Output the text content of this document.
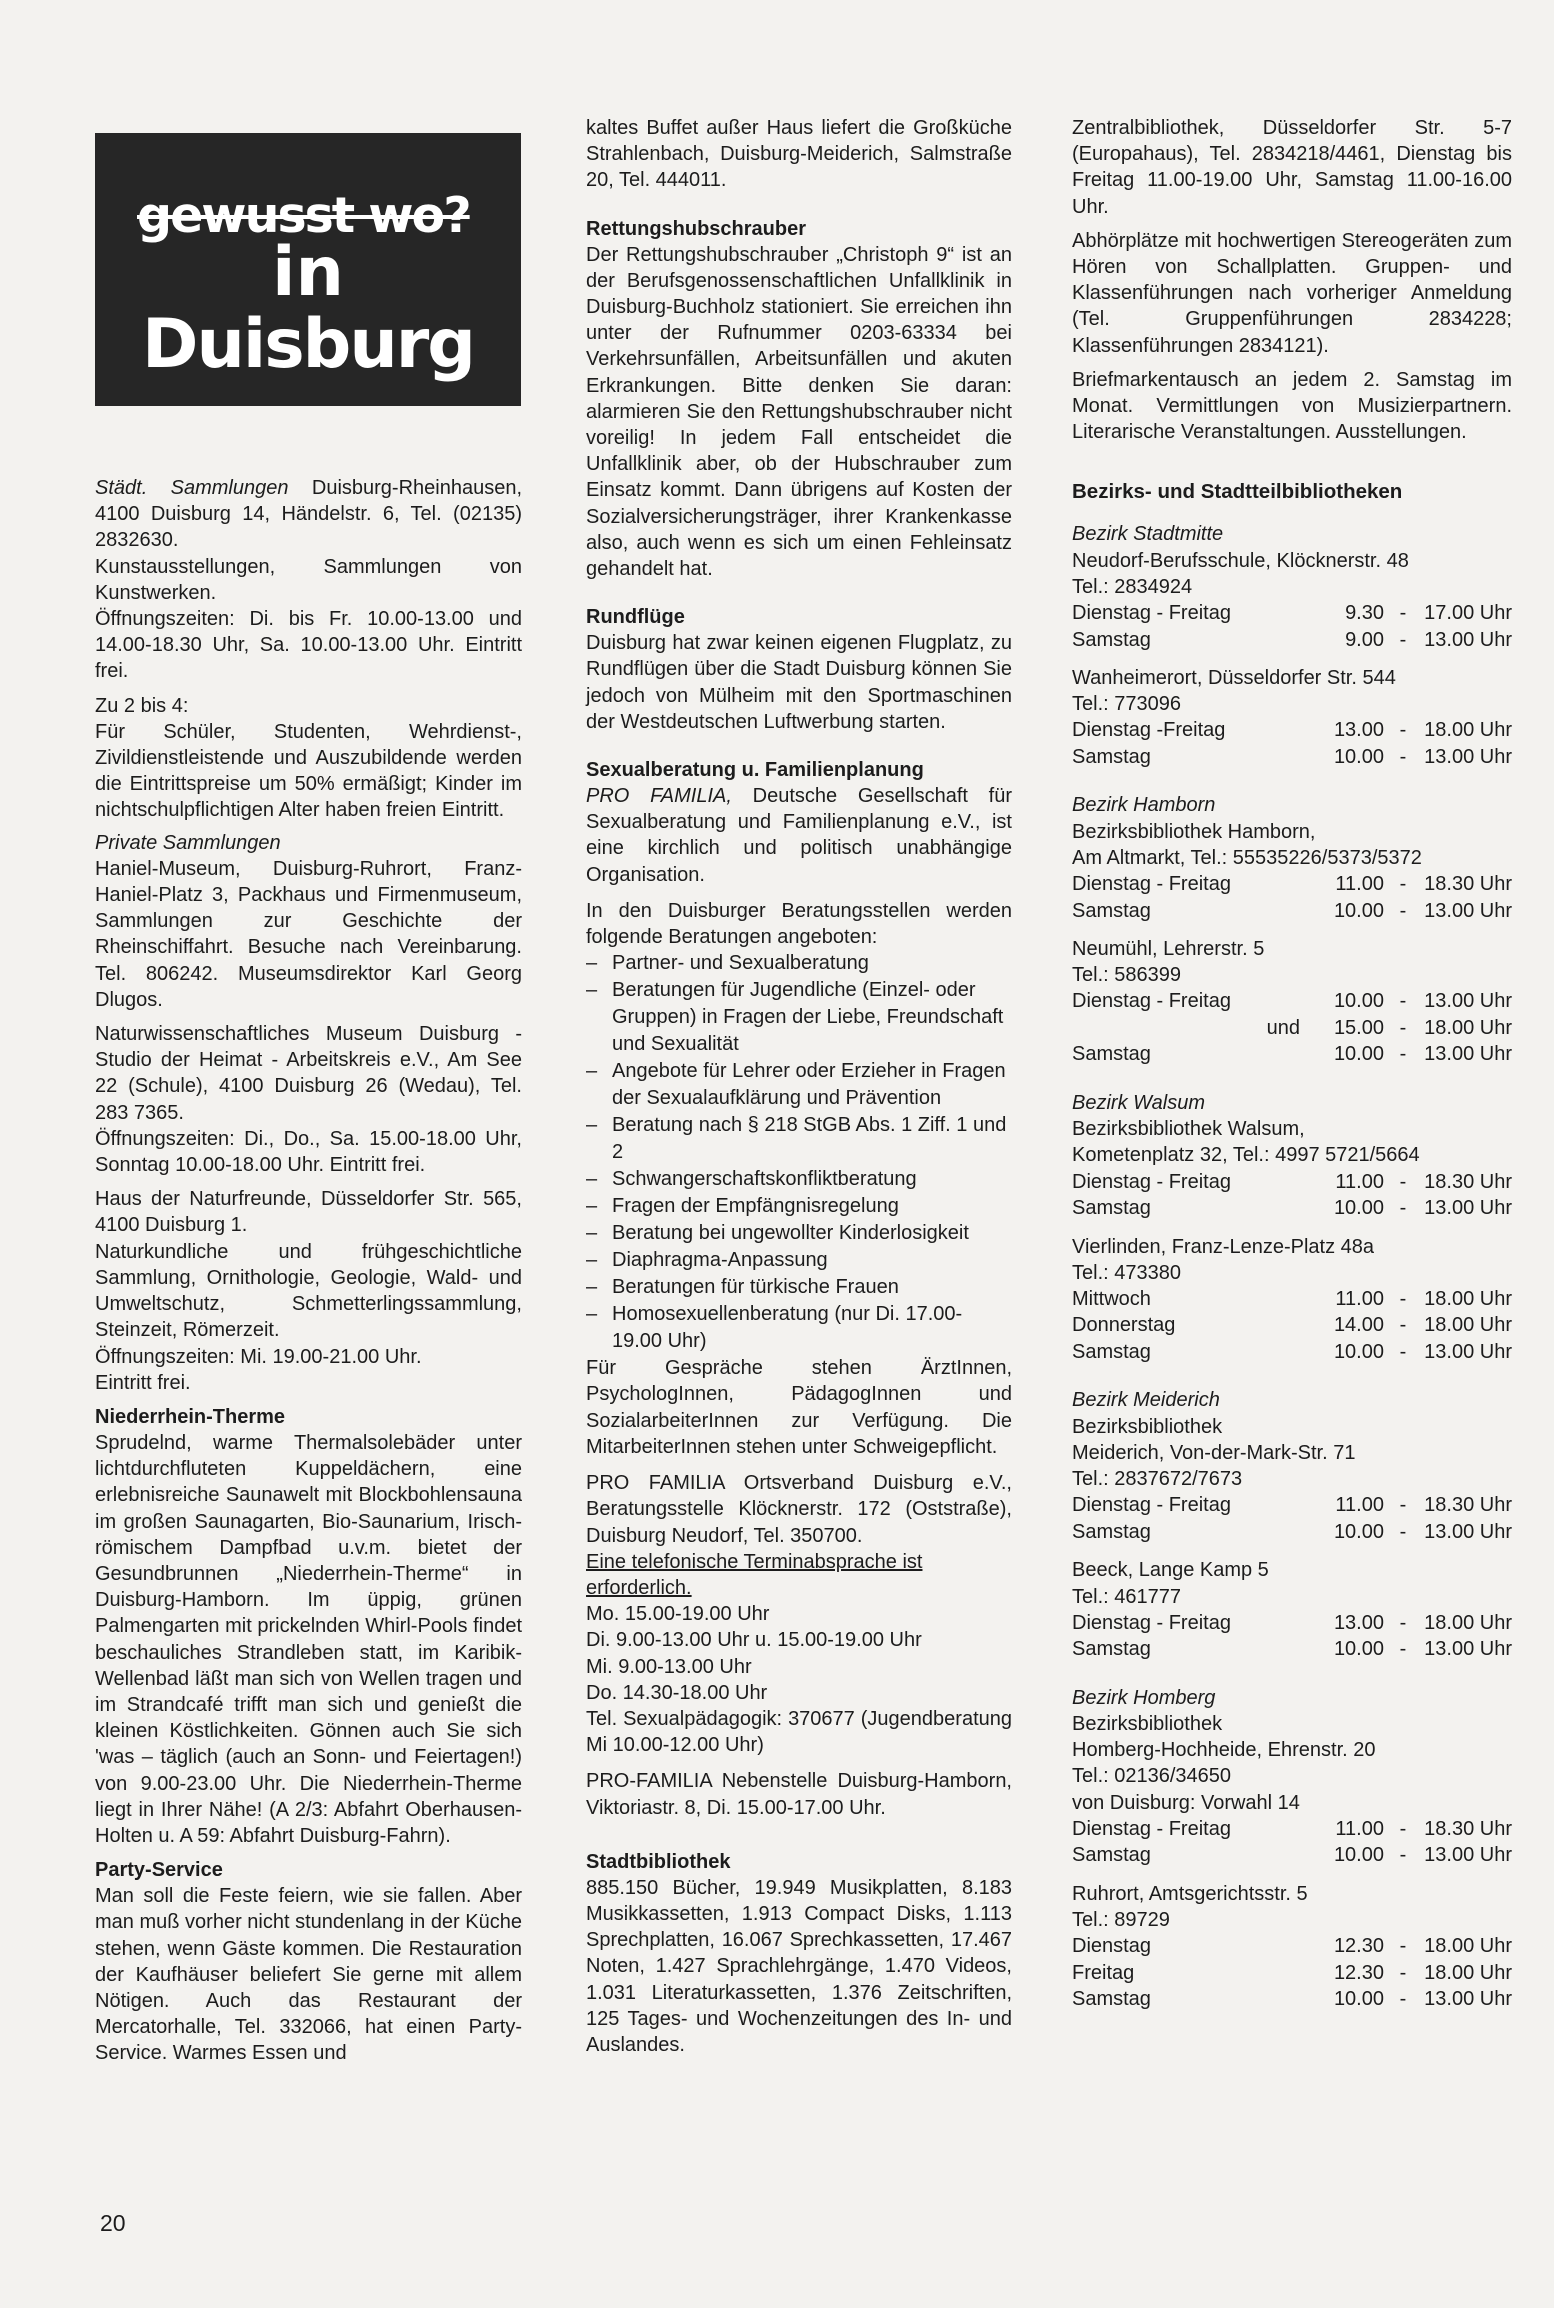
gewusst wo?
in
Duisburg

Städt. Sammlungen Duisburg-Rheinhausen, 4100 Duisburg 14, Händelstr. 6, Tel. (02135) 2832630.

Kunstausstellungen, Sammlungen von Kunstwerken.

Öffnungszeiten: Di. bis Fr. 10.00-13.00 und 14.00-18.30 Uhr, Sa. 10.00-13.00 Uhr. Eintritt frei.

Zu 2 bis 4:

Für Schüler, Studenten, Wehrdienst-, Zivildienstleistende und Auszubildende werden die Eintrittspreise um 50% ermäßigt; Kinder im nichtschulpflichtigen Alter haben freien Eintritt.

Private Sammlungen

Haniel-Museum, Duisburg-Ruhrort, Franz-Haniel-Platz 3, Packhaus und Firmenmuseum, Sammlungen zur Geschichte der Rheinschiffahrt. Besuche nach Vereinbarung. Tel. 806242. Museumsdirektor Karl Georg Dlugos.

Naturwissenschaftliches Museum Duisburg - Studio der Heimat - Arbeitskreis e.V., Am See 22 (Schule), 4100 Duisburg 26 (Wedau), Tel. 283 7365.

Öffnungszeiten: Di., Do., Sa. 15.00-18.00 Uhr, Sonntag 10.00-18.00 Uhr. Eintritt frei.

Haus der Naturfreunde, Düsseldorfer Str. 565, 4100 Duisburg 1.

Naturkundliche und frühgeschichtliche Sammlung, Ornithologie, Geologie, Wald- und Umweltschutz, Schmetterlingssammlung, Steinzeit, Römerzeit.

Öffnungszeiten: Mi. 19.00-21.00 Uhr.

Eintritt frei.

Niederrhein-Therme

Sprudelnd, warme Thermalsolebäder unter lichtdurchfluteten Kuppeldächern, eine erlebnisreiche Saunawelt mit Blockbohlensauna im großen Saunagarten, Bio-Saunarium, Irisch-römischem Dampfbad u.v.m. bietet der Gesundbrunnen „Niederrhein-Therme“ in Duisburg-Hamborn. Im üppig, grünen Palmengarten mit prickelnden Whirl-Pools findet beschauliches Strandleben statt, im Karibik-Wellenbad läßt man sich von Wellen tragen und im Strandcafé trifft man sich und genießt die kleinen Köstlichkeiten. Gönnen auch Sie sich 'was – täglich (auch an Sonn- und Feiertagen!) von 9.00-23.00 Uhr. Die Niederrhein-Therme liegt in Ihrer Nähe! (A 2/3: Abfahrt Oberhausen-Holten u. A 59: Abfahrt Duisburg-Fahrn).

Party-Service

Man soll die Feste feiern, wie sie fallen. Aber man muß vorher nicht stundenlang in der Küche stehen, wenn Gäste kommen. Die Restauration der Kaufhäuser beliefert Sie gerne mit allem Nötigen. Auch das Restaurant der Mercatorhalle, Tel. 332066, hat einen Party-Service. Warmes Essen und

kaltes Buffet außer Haus liefert die Großküche Strahlenbach, Duisburg-Meiderich, Salmstraße 20, Tel. 444011.

Rettungshubschrauber

Der Rettungshubschrauber „Christoph 9“ ist an der Berufsgenossenschaftlichen Unfallklinik in Duisburg-Buchholz stationiert. Sie erreichen ihn unter der Rufnummer 0203-63334 bei Verkehrsunfällen, Arbeitsunfällen und akuten Erkrankungen. Bitte denken Sie daran: alarmieren Sie den Rettungshubschrauber nicht voreilig! In jedem Fall entscheidet die Unfallklinik aber, ob der Hubschrauber zum Einsatz kommt. Dann übrigens auf Kosten der Sozialversicherungsträger, ihrer Krankenkasse also, auch wenn es sich um einen Fehleinsatz gehandelt hat.

Rundflüge

Duisburg hat zwar keinen eigenen Flugplatz, zu Rundflügen über die Stadt Duisburg können Sie jedoch von Mülheim mit den Sportmaschinen der Westdeutschen Luftwerbung starten.

Sexualberatung u. Familienplanung

PRO FAMILIA, Deutsche Gesellschaft für Sexualberatung und Familienplanung e.V., ist eine kirchlich und politisch unabhängige Organisation.

In den Duisburger Beratungsstellen werden folgende Beratungen angeboten:

– Partner- und Sexualberatung
– Beratungen für Jugendliche (Einzel- oder Gruppen) in Fragen der Liebe, Freundschaft und Sexualität
– Angebote für Lehrer oder Erzieher in Fragen der Sexualaufklärung und Prävention
– Beratung nach § 218 StGB Abs. 1 Ziff. 1 und 2
– Schwangerschaftskonfliktberatung
– Fragen der Empfängnisregelung
– Beratung bei ungewollter Kinderlosigkeit
– Diaphragma-Anpassung
– Beratungen für türkische Frauen
– Homosexuellenberatung (nur Di. 17.00-19.00 Uhr)

Für Gespräche stehen ÄrztInnen, PsychologInnen, PädagogInnen und SozialarbeiterInnen zur Verfügung. Die MitarbeiterInnen stehen unter Schweigepflicht.

PRO FAMILIA Ortsverband Duisburg e.V., Beratungsstelle Klöcknerstr. 172 (Oststraße), Duisburg Neudorf, Tel. 350700.

Eine telefonische Terminabsprache ist erforderlich.

Mo. 15.00-19.00 Uhr

Di. 9.00-13.00 Uhr u. 15.00-19.00 Uhr

Mi. 9.00-13.00 Uhr

Do. 14.30-18.00 Uhr

Tel. Sexualpädagogik: 370677 (Jugendberatung Mi 10.00-12.00 Uhr)

PRO-FAMILIA Nebenstelle Duisburg-Hamborn, Viktoriastr. 8, Di. 15.00-17.00 Uhr.

Stadtbibliothek

885.150 Bücher, 19.949 Musikplatten, 8.183 Musikkassetten, 1.913 Compact Disks, 1.113 Sprechplatten, 16.067 Sprechkassetten, 17.467 Noten, 1.427 Sprachlehrgänge, 1.470 Videos, 1.031 Literaturkassetten, 1.376 Zeitschriften, 125 Tages- und Wochenzeitungen des In- und Auslandes.

Zentralbibliothek, Düsseldorfer Str. 5-7 (Europahaus), Tel. 2834218/4461, Dienstag bis Freitag 11.00-19.00 Uhr, Samstag 11.00-16.00 Uhr.

Abhörplätze mit hochwertigen Stereogeräten zum Hören von Schallplatten. Gruppen- und Klassenführungen nach vorheriger Anmeldung (Tel. Gruppenführungen 2834228; Klassenführungen 2834121).

Briefmarkentausch an jedem 2. Samstag im Monat. Vermittlungen von Musizierpartnern. Literarische Veranstaltungen. Ausstellungen.

Bezirks- und Stadtteilbibliotheken

Bezirk Stadtmitte

Neudorf-Berufsschule, Klöcknerstr. 48

Tel.: 2834924

Dienstag - Freitag	9.30 - 17.00 Uhr
Samstag	9.00 - 13.00 Uhr

Wanheimerort, Düsseldorfer Str. 544

Tel.: 773096

Dienstag -Freitag	13.00 - 18.00 Uhr
Samstag	10.00 - 13.00 Uhr

Bezirk Hamborn

Bezirksbibliothek Hamborn,

Am Altmarkt, Tel.: 55535226/5373/5372

Dienstag - Freitag	11.00 - 18.30 Uhr
Samstag	10.00 - 13.00 Uhr

Neumühl, Lehrerstr. 5

Tel.: 586399

Dienstag - Freitag	10.00 - 13.00 Uhr
und	15.00 - 18.00 Uhr
Samstag	10.00 - 13.00 Uhr

Bezirk Walsum

Bezirksbibliothek Walsum,

Kometenplatz 32, Tel.: 4997 5721/5664

Dienstag - Freitag	11.00 - 18.30 Uhr
Samstag	10.00 - 13.00 Uhr

Vierlinden, Franz-Lenze-Platz 48a

Tel.: 473380

Mittwoch	11.00 - 18.00 Uhr
Donnerstag	14.00 - 18.00 Uhr
Samstag	10.00 - 13.00 Uhr

Bezirk Meiderich

Bezirksbibliothek

Meiderich, Von-der-Mark-Str. 71

Tel.: 2837672/7673

Dienstag - Freitag	11.00 - 18.30 Uhr
Samstag	10.00 - 13.00 Uhr

Beeck, Lange Kamp 5

Tel.: 461777

Dienstag - Freitag	13.00 - 18.00 Uhr
Samstag	10.00 - 13.00 Uhr

Bezirk Homberg

Bezirksbibliothek

Homberg-Hochheide, Ehrenstr. 20

Tel.: 02136/34650

von Duisburg: Vorwahl 14

Dienstag - Freitag	11.00 - 18.30 Uhr
Samstag	10.00 - 13.00 Uhr

Ruhrort, Amtsgerichtsstr. 5

Tel.: 89729

Dienstag	12.30 - 18.00 Uhr
Freitag	12.30 - 18.00 Uhr
Samstag	10.00 - 13.00 Uhr
20
